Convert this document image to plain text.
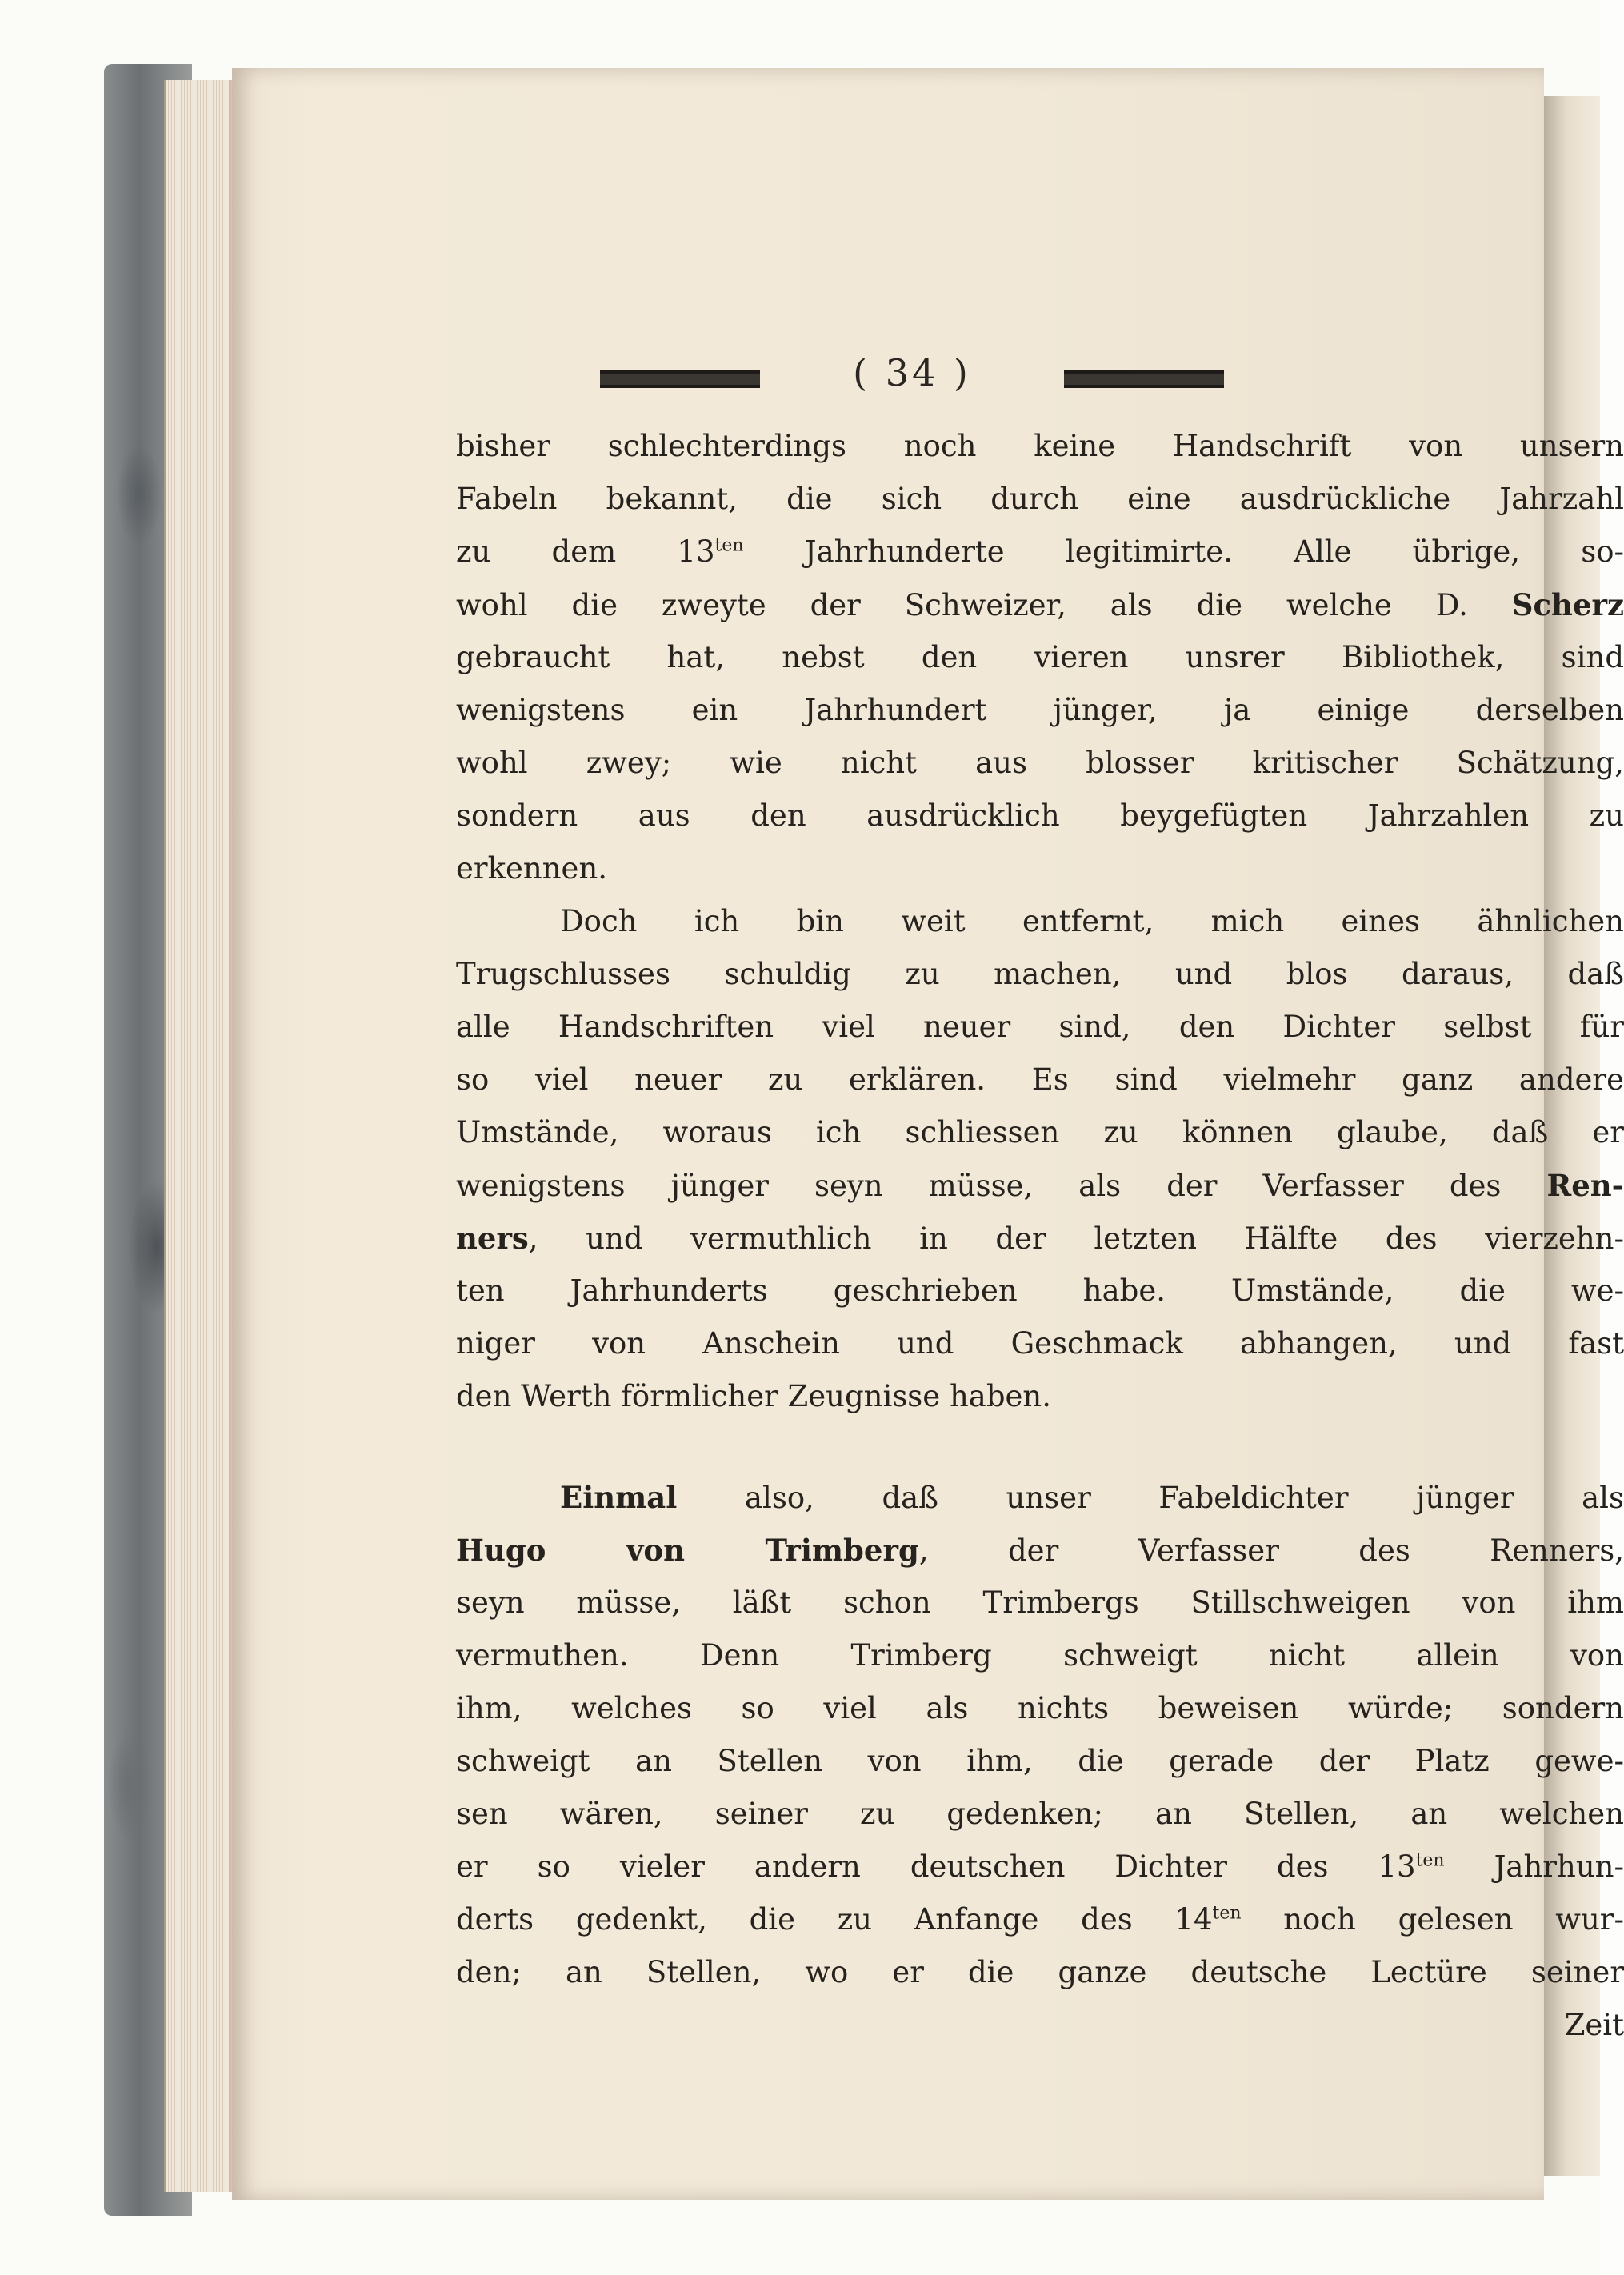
( 34 )
bisher schlechterdings noch keine Handschrift von unsern
Fabeln bekannt, die sich durch eine ausdrückliche Jahrzahl
zu dem $13^{ten}$ Jahrhunderte legitimirte. Alle übrige, so-
wohl die zweyte der Schweizer, als die welche D. Scherz
gebraucht hat, nebst den vieren unsrer Bibliothek, sind
wenigstens ein Jahrhundert jünger, ja einige derselben
wohl zwey; wie nicht aus blosser kritischer Schätzung,
sondern aus den ausdrücklich beygefügten Jahrzahlen zu
erkennen.
Doch ich bin weit entfernt, mich eines ähnlichen
Trugschlusses schuldig zu machen, und blos daraus, daß
alle Handschriften viel neuer sind, den Dichter selbst für
so viel neuer zu erklären. Es sind vielmehr ganz andere
Umstände, woraus ich schliessen zu können glaube, daß er
wenigstens jünger seyn müsse, als der Verfasser des Ren-
ners, und vermuthlich in der letzten Hälfte des vierzehn-
ten Jahrhunderts geschrieben habe. Umstände, die we-
niger von Anschein und Geschmack abhangen, und fast
den Werth förmlicher Zeugnisse haben.
Einmal also, daß unser Fabeldichter jünger als
Hugo von Trimberg, der Verfasser des Renners,
seyn müsse, läßt schon Trimbergs Stillschweigen von ihm
vermuthen. Denn Trimberg schweigt nicht allein von
ihm, welches so viel als nichts beweisen würde; sondern
schweigt an Stellen von ihm, die gerade der Platz gewe-
sen wären, seiner zu gedenken; an Stellen, an welchen
er so vieler andern deutschen Dichter des $13^{ten}$ Jahrhun-
derts gedenkt, die zu Anfange des $14^{ten}$ noch gelesen wur-
den; an Stellen, wo er die ganze deutsche Lectüre seiner
Zeit
